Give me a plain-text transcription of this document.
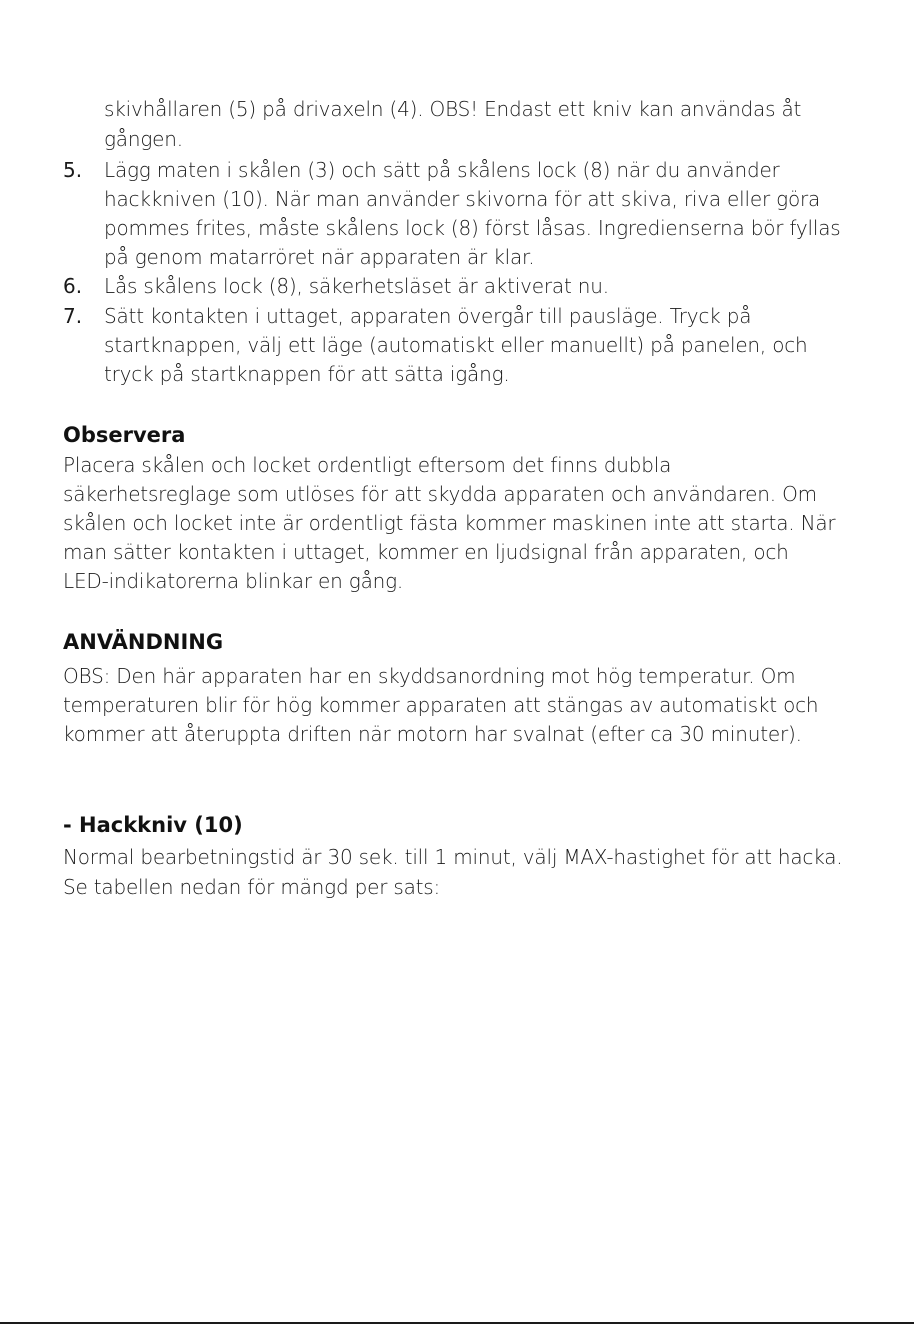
skivhållaren (5) på drivaxeln (4). OBS! Endast ett kniv kan användas åt
gången.
5. Lägg maten i skålen (3) och sätt på skålens lock (8) när du använder
hackkniven (10). När man använder skivorna för att skiva, riva eller göra
pommes frites, måste skålens lock (8) först låsas. Ingredienserna bör fyllas
på genom matarröret när apparaten är klar.
6. Lås skålens lock (8), säkerhetsläset är aktiverat nu.
7. Sätt kontakten i uttaget, apparaten övergår till pausläge. Tryck på
startknappen, välj ett läge (automatiskt eller manuellt) på panelen, och
tryck på startknappen för att sätta igång.
Observera
Placera skålen och locket ordentligt eftersom det finns dubbla
säkerhetsreglage som utlöses för att skydda apparaten och användaren. Om
skålen och locket inte är ordentligt fästa kommer maskinen inte att starta. När
man sätter kontakten i uttaget, kommer en ljudsignal från apparaten, och
LED-indikatorerna blinkar en gång.
ANVÄNDNING
OBS: Den här apparaten har en skyddsanordning mot hög temperatur. Om
temperaturen blir för hög kommer apparaten att stängas av automatiskt och
kommer att återuppta driften när motorn har svalnat (efter ca 30 minuter).
- Hackkniv (10)
Normal bearbetningstid är 30 sek. till 1 minut, välj MAX-hastighet för att hacka.
Se tabellen nedan för mängd per sats:
